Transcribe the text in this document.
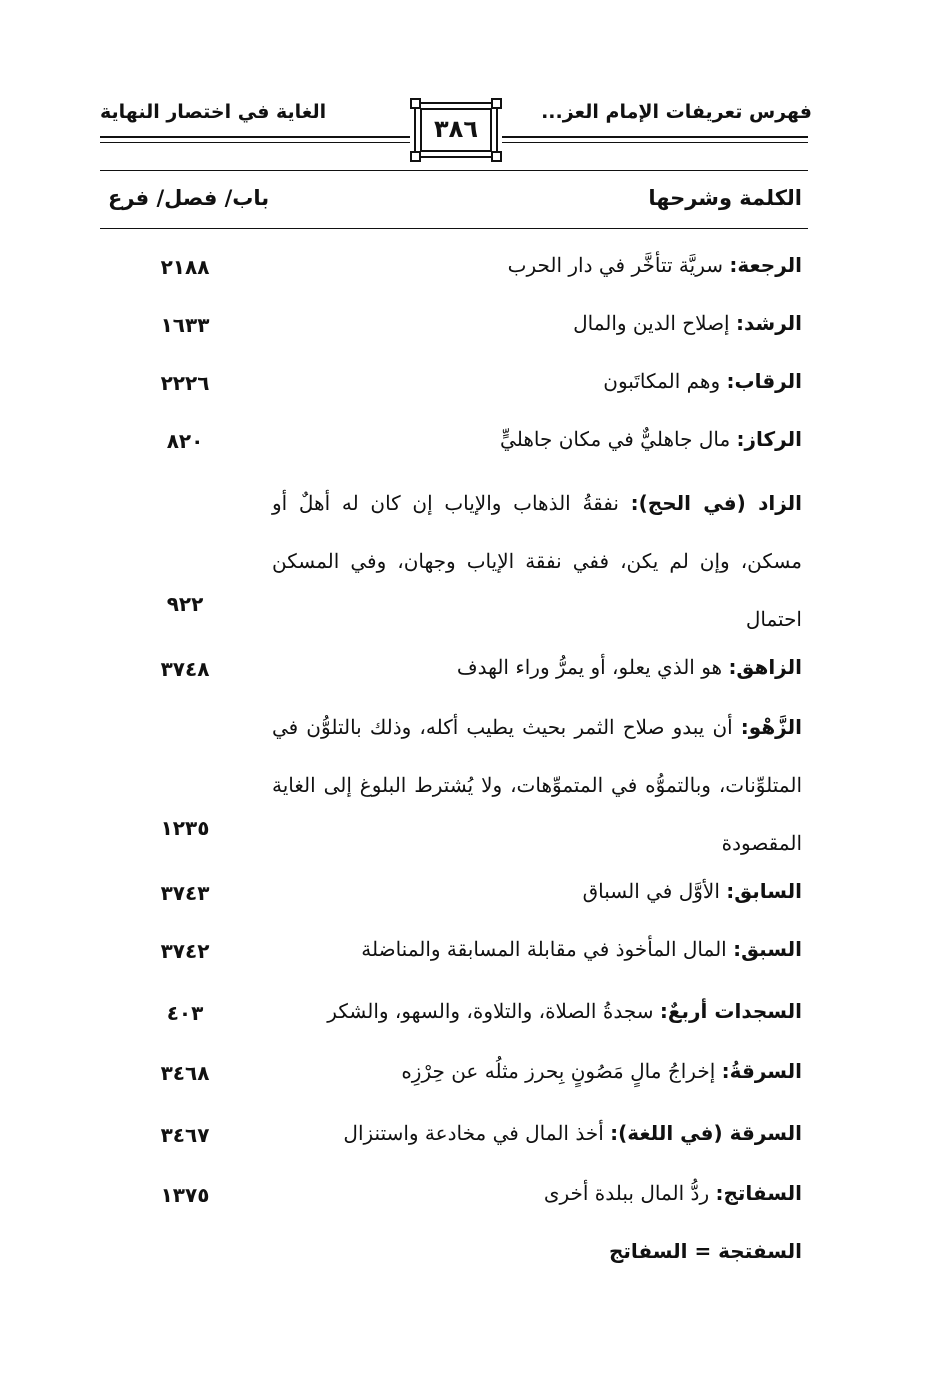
فهرس تعريفات الإمام العز...
الغاية في اختصار النهاية
٣٨٦
الكلمة وشرحها
باب/ فصل/ فرع
الرجعة: سريَّة تتأخَّر في دار الحرب
٢١٨٨
الرشد: إصلاح الدين والمال
١٦٣٣
الرقاب: وهم المكاتَبون
٢٢٢٦
الركاز: مال جاهليٌّ في مكان جاهليٍّ
٨٢٠
الزاد (في الحج): نفقةُ الذهاب والإياب إن كان له أهلٌ أو مسكن، وإن لم يكن، ففي نفقة الإياب وجهان، وفي المسكن احتمال
٩٢٢
الزاهق: هو الذي يعلو، أو يمرُّ وراء الهدف
٣٧٤٨
الزَّهْو: أن يبدو صلاح الثمر بحيث يطيب أكله، وذلك بالتلوُّن في المتلوِّنات، وبالتموُّه في المتموِّهات، ولا يُشترط البلوغ إلى الغاية المقصودة
١٢٣٥
السابق: الأوَّل في السباق
٣٧٤٣
السبق: المال المأخوذ في مقابلة المسابقة والمناضلة
٣٧٤٢
السجدات أربعٌ: سجدةُ الصلاة، والتلاوة، والسهو، والشكر
٤٠٣
السرقةُ: إخراجُ مالٍ مَصُونٍ بِحرز مثلُه عن حِرْزِه
٣٤٦٨
السرقة (في اللغة): أخذ المال في مخادعة واستنزال
٣٤٦٧
السفاتج: ردُّ المال ببلدة أخرى
١٣٧٥
السفتجة = السفاتج
